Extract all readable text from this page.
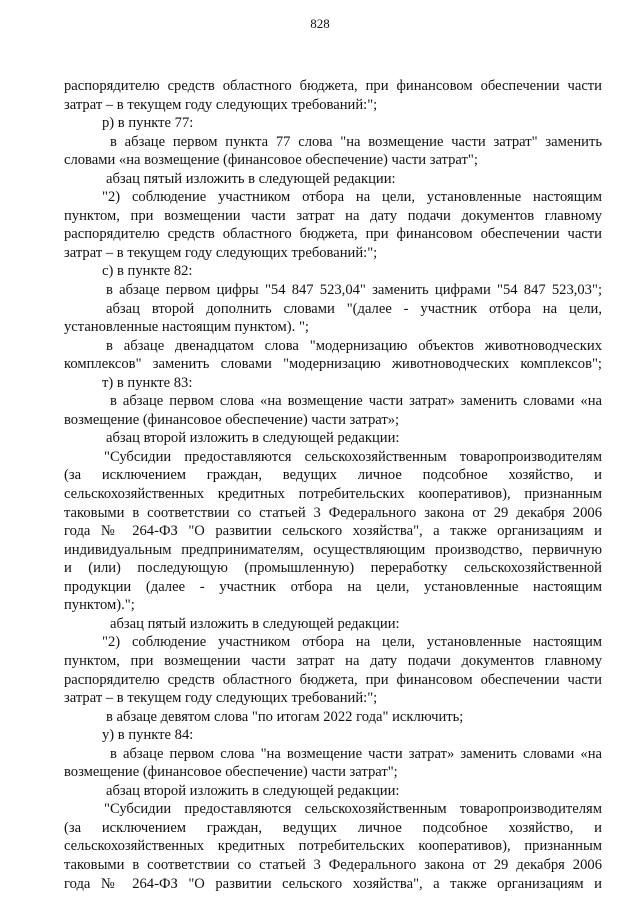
828
распорядителю средств областного бюджета, при финансовом обеспечении части
затрат – в текущем году следующих требований:";
р) в пункте 77:
в абзаце первом пункта 77 слова "на возмещение части затрат" заменить
словами «на возмещение (финансовое обеспечение) части затрат";
абзац пятый изложить в следующей редакции:
"2) соблюдение участником отбора на цели, установленные настоящим
пунктом, при возмещении части затрат на дату подачи документов главному
распорядителю средств областного бюджета, при финансовом обеспечении части
затрат – в текущем году следующих требований:";
с) в пункте 82:
в абзаце первом цифры "54 847 523,04" заменить цифрами "54 847 523,03";
абзац второй дополнить словами "(далее - участник отбора на цели,
установленные настоящим пунктом). ";
в абзаце двенадцатом слова "модернизацию объектов животноводческих
комплексов" заменить словами "модернизацию животноводческих комплексов";
т) в пункте 83:
в абзаце первом слова «на возмещение части затрат» заменить словами «на
возмещение (финансовое обеспечение) части затрат»;
абзац второй изложить в следующей редакции:
"Субсидии предоставляются сельскохозяйственным товаропроизводителям
(за исключением граждан, ведущих личное подсобное хозяйство, и
сельскохозяйственных кредитных потребительских кооперативов), признанным
таковыми в соответствии со статьей 3 Федерального закона от 29 декабря 2006
года № 264-ФЗ "О развитии сельского хозяйства", а также организациям и
индивидуальным предпринимателям, осуществляющим производство, первичную
и (или) последующую (промышленную) переработку сельскохозяйственной
продукции (далее - участник отбора на цели, установленные настоящим
пунктом).";
абзац пятый изложить в следующей редакции:
"2) соблюдение участником отбора на цели, установленные настоящим
пунктом, при возмещении части затрат на дату подачи документов главному
распорядителю средств областного бюджета, при финансовом обеспечении части
затрат – в текущем году следующих требований:";
в абзаце девятом слова "по итогам 2022 года" исключить;
у) в пункте 84:
в абзаце первом слова "на возмещение части затрат» заменить словами «на
возмещение (финансовое обеспечение) части затрат";
абзац второй изложить в следующей редакции:
"Субсидии предоставляются сельскохозяйственным товаропроизводителям
(за исключением граждан, ведущих личное подсобное хозяйство, и
сельскохозяйственных кредитных потребительских кооперативов), признанным
таковыми в соответствии со статьей 3 Федерального закона от 29 декабря 2006
года № 264-ФЗ "О развитии сельского хозяйства", а также организациям и
